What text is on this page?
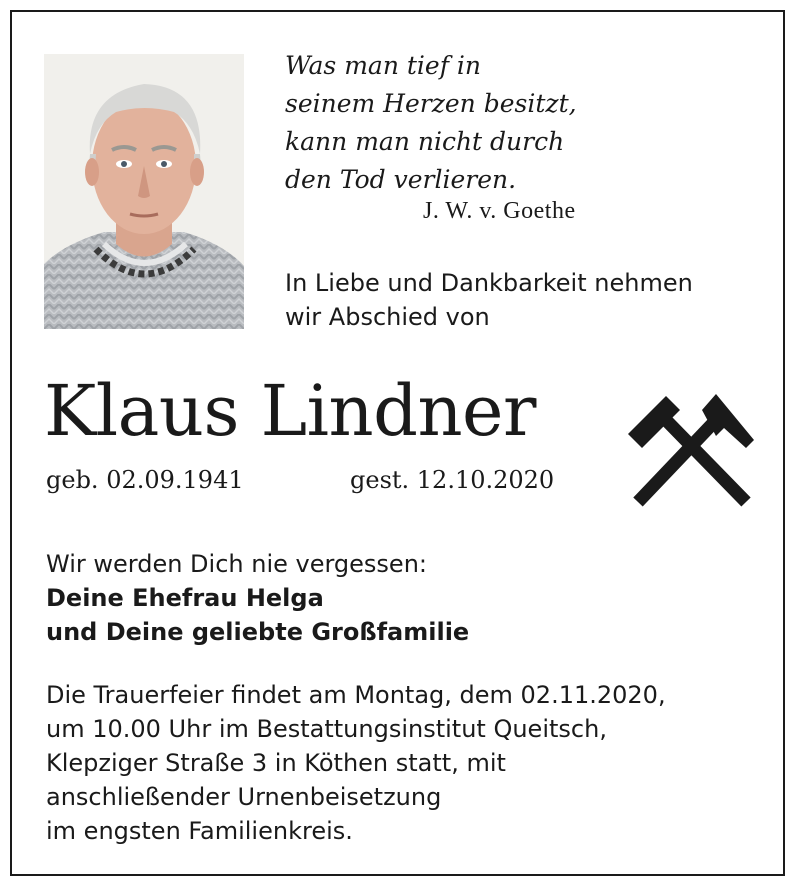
Was man tief in
seinem Herzen besitzt,
kann man nicht durch
den Tod verlieren.
J. W. v. Goethe
In Liebe und Dankbarkeit nehmen
wir Abschied von
Klaus Lindner
geb. 02.09.1941	gest. 12.10.2020
Wir werden Dich nie vergessen:
Deine Ehefrau Helga
und Deine geliebte Großfamilie
Die Trauerfeier findet am Montag, dem 02.11.2020,
um 10.00 Uhr im Bestattungsinstitut Queitsch,
Klepziger Straße 3 in Köthen statt, mit
anschließender Urnenbeisetzung
im engsten Familienkreis.
